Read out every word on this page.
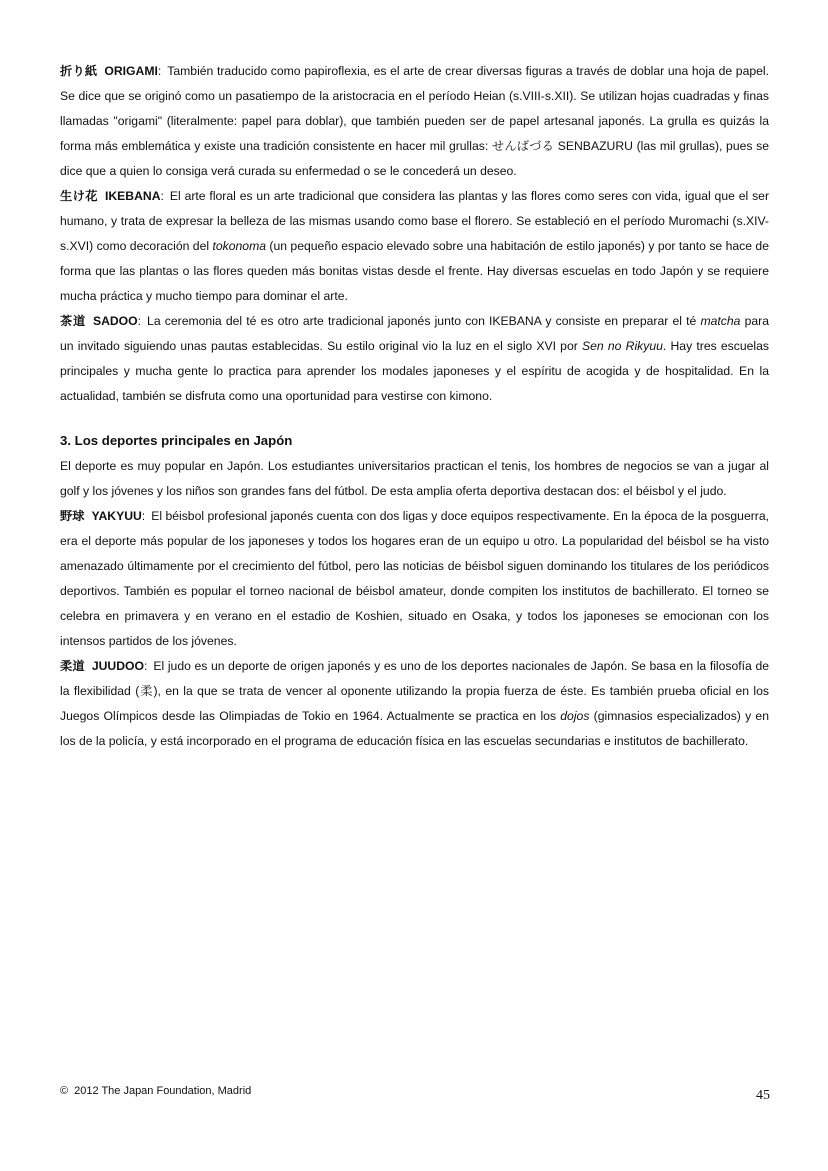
折り紙 ORIGAMI: También traducido como papiroflexia, es el arte de crear diversas figuras a través de doblar una hoja de papel. Se dice que se originó como un pasatiempo de la aristocracia en el período Heian (s.VIII-s.XII). Se utilizan hojas cuadradas y finas llamadas "origami" (literalmente: papel para doblar), que también pueden ser de papel artesanal japonés. La grulla es quizás la forma más emblemática y existe una tradición consistente en hacer mil grullas: せんばづる SENBAZURU (las mil grullas), pues se dice que a quien lo consiga verá curada su enfermedad o se le concederá un deseo.

生け花 IKEBANA: El arte floral es un arte tradicional que considera las plantas y las flores como seres con vida, igual que el ser humano, y trata de expresar la belleza de las mismas usando como base el florero. Se estableció en el período Muromachi (s.XIV-s.XVI) como decoración del tokonoma (un pequeño espacio elevado sobre una habitación de estilo japonés) y por tanto se hace de forma que las plantas o las flores queden más bonitas vistas desde el frente. Hay diversas escuelas en todo Japón y se requiere mucha práctica y mucho tiempo para dominar el arte.

茶道 SADOO: La ceremonia del té es otro arte tradicional japonés junto con IKEBANA y consiste en preparar el té matcha para un invitado siguiendo unas pautas establecidas. Su estilo original vio la luz en el siglo XVI por Sen no Rikyuu. Hay tres escuelas principales y mucha gente lo practica para aprender los modales japoneses y el espíritu de acogida y de hospitalidad. En la actualidad, también se disfruta como una oportunidad para vestirse con kimono.

3. Los deportes principales en Japón

El deporte es muy popular en Japón. Los estudiantes universitarios practican el tenis, los hombres de negocios se van a jugar al golf y los jóvenes y los niños son grandes fans del fútbol. De esta amplia oferta deportiva destacan dos: el béisbol y el judo.

野球 YAKYUU: El béisbol profesional japonés cuenta con dos ligas y doce equipos respectivamente. En la época de la posguerra, era el deporte más popular de los japoneses y todos los hogares eran de un equipo u otro. La popularidad del béisbol se ha visto amenazado últimamente por el crecimiento del fútbol, pero las noticias de béisbol siguen dominando los titulares de los periódicos deportivos. También es popular el torneo nacional de béisbol amateur, donde compiten los institutos de bachillerato. El torneo se celebra en primavera y en verano en el estadio de Koshien, situado en Osaka, y todos los japoneses se emocionan con los intensos partidos de los jóvenes.

柔道 JUUDOO: El judo es un deporte de origen japonés y es uno de los deportes nacionales de Japón. Se basa en la filosofía de la flexibilidad (柔), en la que se trata de vencer al oponente utilizando la propia fuerza de éste. Es también prueba oficial en los Juegos Olímpicos desde las Olimpiadas de Tokio en 1964. Actualmente se practica en los dojos (gimnasios especializados) y en los de la policía, y está incorporado en el programa de educación física en las escuelas secundarias e institutos de bachillerato.

© 2012 The Japan Foundation, Madrid	45
